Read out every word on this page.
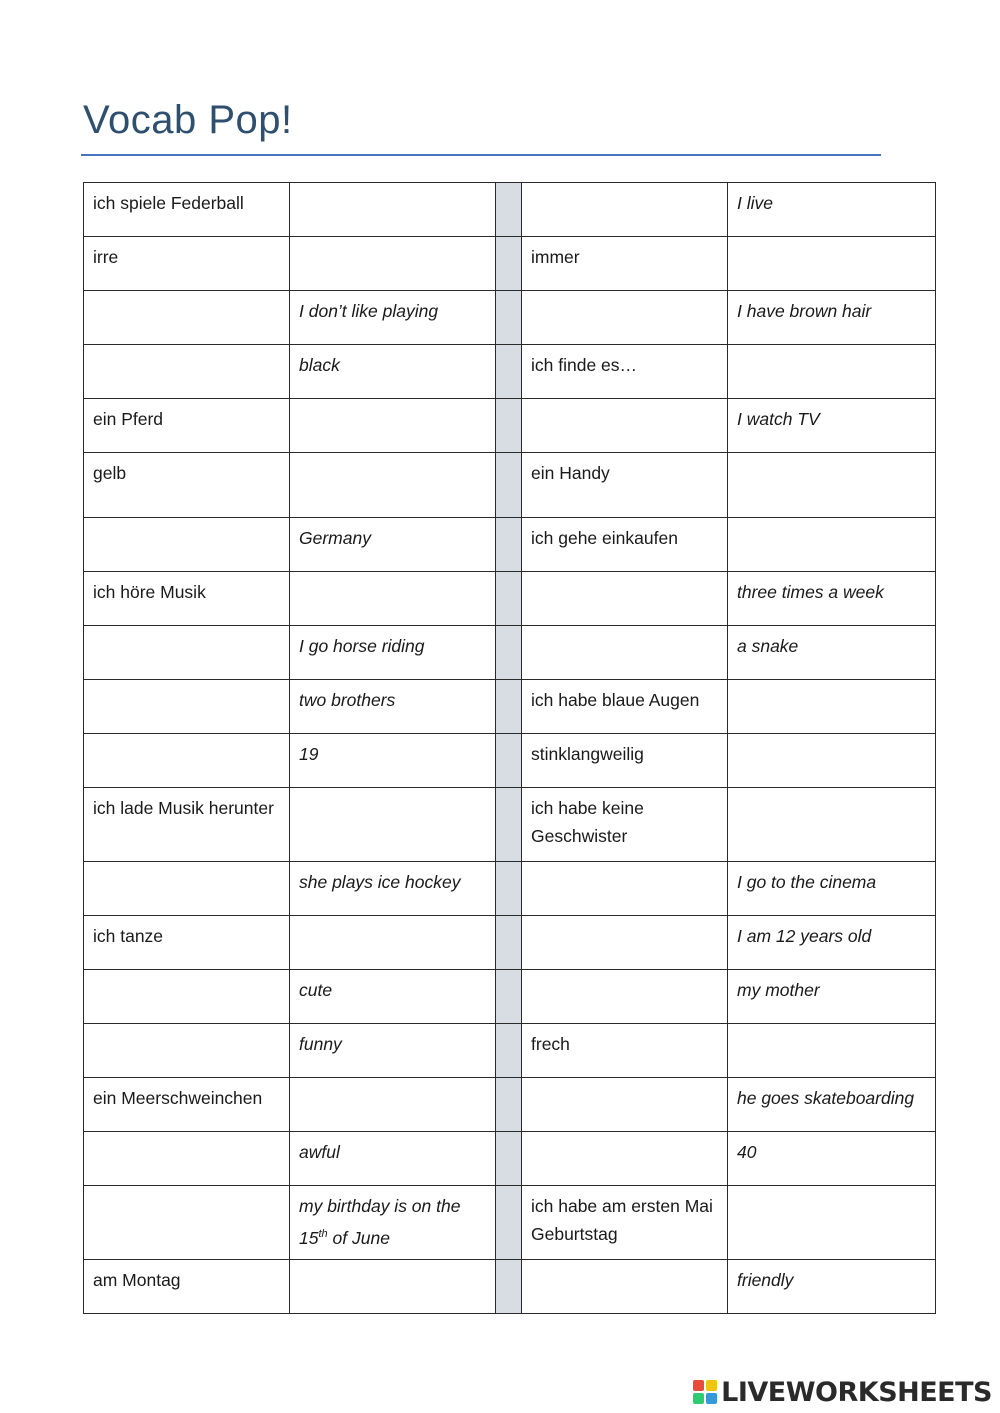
Vocab Pop!
ich spiele Federball				I live
irre			immer	
	I don’t like playing			I have brown hair
	black		ich finde es…	
ein Pferd				I watch TV
gelb			ein Handy	
	Germany		ich gehe einkaufen	
ich höre Musik				three times a week
	I go horse riding			a snake
	two brothers		ich habe blaue Augen	
	19		stinklangweilig	
ich lade Musik herunter			ich habe keine Geschwister	
	she plays ice hockey			I go to the cinema
ich tanze				I am 12 years old
	cute			my mother
	funny		frech	
ein Meerschweinchen				he goes skateboarding
	awful			40
	my birthday is on the 15th of June		ich habe am ersten Mai Geburtstag	
am Montag				friendly
LIVEWORKSHEETS
